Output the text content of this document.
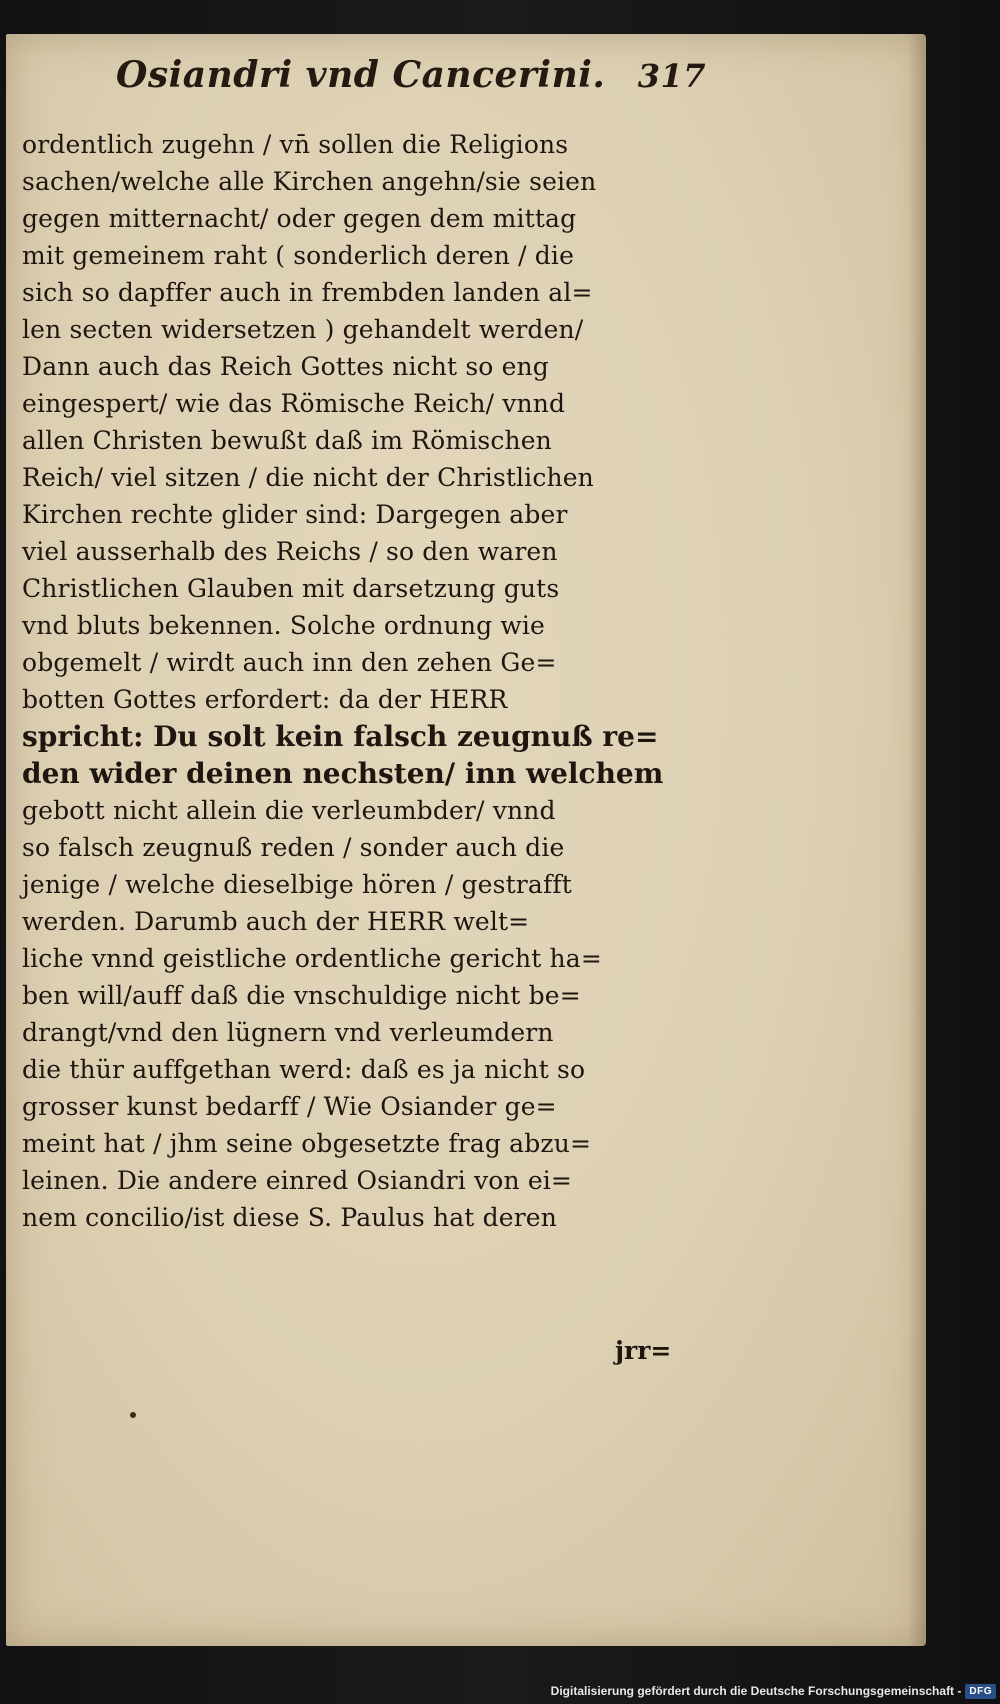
Osiandri vnd Cancerini. 317
ordentlich zugehn / vn̄ sollen die Religions
sachen/welche alle Kirchen angehn/sie seien
gegen mitternacht/ oder gegen dem mittag
mit gemeinem raht ( sonderlich deren / die
sich so dapffer auch in frembden landen al=
len secten widersetzen ) gehandelt werden/
Dann auch das Reich Gottes nicht so eng
eingespert/ wie das Römische Reich/ vnnd
allen Christen bewußt daß im Römischen
Reich/ viel sitzen / die nicht der Christlichen
Kirchen rechte glider sind: Dargegen aber
viel ausserhalb des Reichs / so den waren
Christlichen Glauben mit darsetzung guts
vnd bluts bekennen. Solche ordnung wie
obgemelt / wirdt auch inn den zehen Ge=
botten Gottes erfordert: da der HERR
spricht: Du solt kein falsch zeugnuß re=
den wider deinen nechsten/ inn welchem
gebott nicht allein die verleumbder/ vnnd
so falsch zeugnuß reden / sonder auch die
jenige / welche dieselbige hören / gestrafft
werden. Darumb auch der HERR welt=
liche vnnd geistliche ordentliche gericht ha=
ben will/auff daß die vnschuldige nicht be=
drangt/vnd den lügnern vnd verleumdern
die thür auffgethan werd: daß es ja nicht so
grosser kunst bedarff / Wie Osiander ge=
meint hat / jhm seine obgesetzte frag abzu=
leinen. Die andere einred Osiandri von ei=
nem concilio/ist diese S. Paulus hat deren
jrr=
Digitalisierung gefördert durch die Deutsche Forschungsgemeinschaft - DFG
